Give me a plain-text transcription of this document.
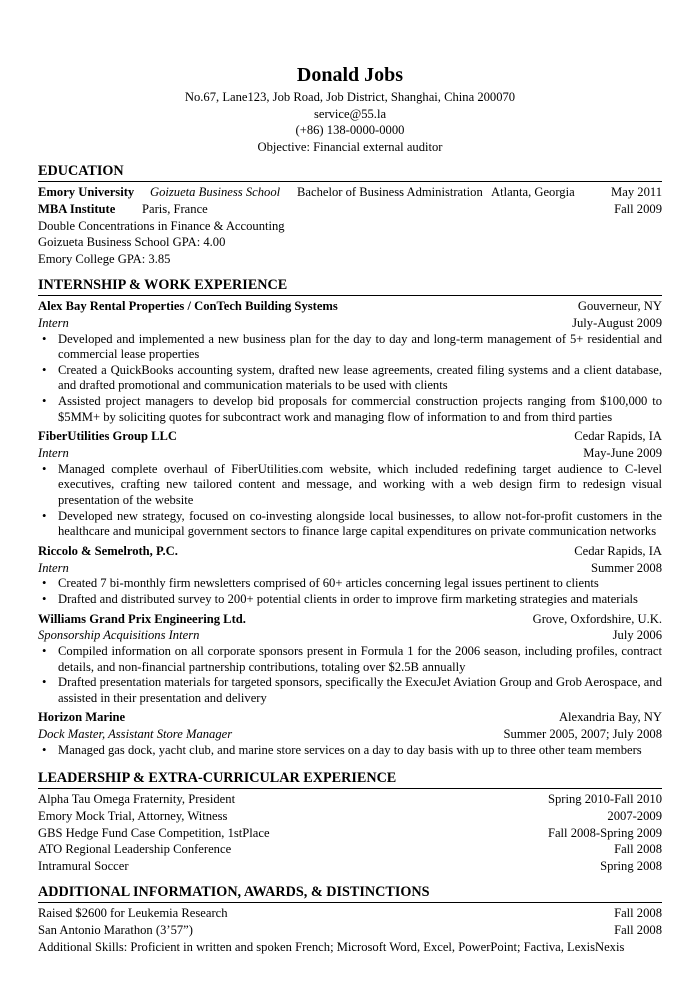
Donald Jobs
No.67, Lane123, Job Road, Job District, Shanghai, China 200070
service@55.la
(+86) 138-0000-0000
Objective: Financial external auditor
EDUCATION
Emory University Goizueta Business School Bachelor of Business Administration Atlanta, Georgia	May 2011
MBA Institute Paris, France	Fall 2009
Double Concentrations in Finance & Accounting
Goizueta Business School GPA: 4.00
Emory College GPA: 3.85
INTERNSHIP & WORK EXPERIENCE
Alex Bay Rental Properties / ConTech Building Systems	Gouverneur, NY
Intern	July-August 2009
• Developed and implemented a new business plan for the day to day and long-term management of 5+ residential and commercial lease properties
• Created a QuickBooks accounting system, drafted new lease agreements, created filing systems and a client database, and drafted promotional and communication materials to be used with clients
• Assisted project managers to develop bid proposals for commercial construction projects ranging from $100,000 to $5MM+ by soliciting quotes for subcontract work and managing flow of information to and from third parties
FiberUtilities Group LLC	Cedar Rapids, IA
Intern	May-June 2009
• Managed complete overhaul of FiberUtilities.com website, which included redefining target audience to C-level executives, crafting new tailored content and message, and working with a web design firm to redesign visual presentation of the website
• Developed new strategy, focused on co-investing alongside local businesses, to allow not-for-profit customers in the healthcare and municipal government sectors to finance large capital expenditures on private communication networks
Riccolo & Semelroth, P.C.	Cedar Rapids, IA
Intern	Summer 2008
• Created 7 bi-monthly firm newsletters comprised of 60+ articles concerning legal issues pertinent to clients
• Drafted and distributed survey to 200+ potential clients in order to improve firm marketing strategies and materials
Williams Grand Prix Engineering Ltd.	Grove, Oxfordshire, U.K.
Sponsorship Acquisitions Intern	July 2006
• Compiled information on all corporate sponsors present in Formula 1 for the 2006 season, including profiles, contract details, and non-financial partnership contributions, totaling over $2.5B annually
• Drafted presentation materials for targeted sponsors, specifically the ExecuJet Aviation Group and Grob Aerospace, and assisted in their presentation and delivery
Horizon Marine	Alexandria Bay, NY
Dock Master, Assistant Store Manager	Summer 2005, 2007; July 2008
• Managed gas dock, yacht club, and marine store services on a day to day basis with up to three other team members
LEADERSHIP & EXTRA-CURRICULAR EXPERIENCE
Alpha Tau Omega Fraternity, President	Spring 2010-Fall 2010
Emory Mock Trial, Attorney, Witness	2007-2009
GBS Hedge Fund Case Competition, 1stPlace	Fall 2008-Spring 2009
ATO Regional Leadership Conference	Fall 2008
Intramural Soccer	Spring 2008
ADDITIONAL INFORMATION, AWARDS, & DISTINCTIONS
Raised $2600 for Leukemia Research	Fall 2008
San Antonio Marathon (3’57”)	Fall 2008
Additional Skills: Proficient in written and spoken French; Microsoft Word, Excel, PowerPoint; Factiva, LexisNexis
